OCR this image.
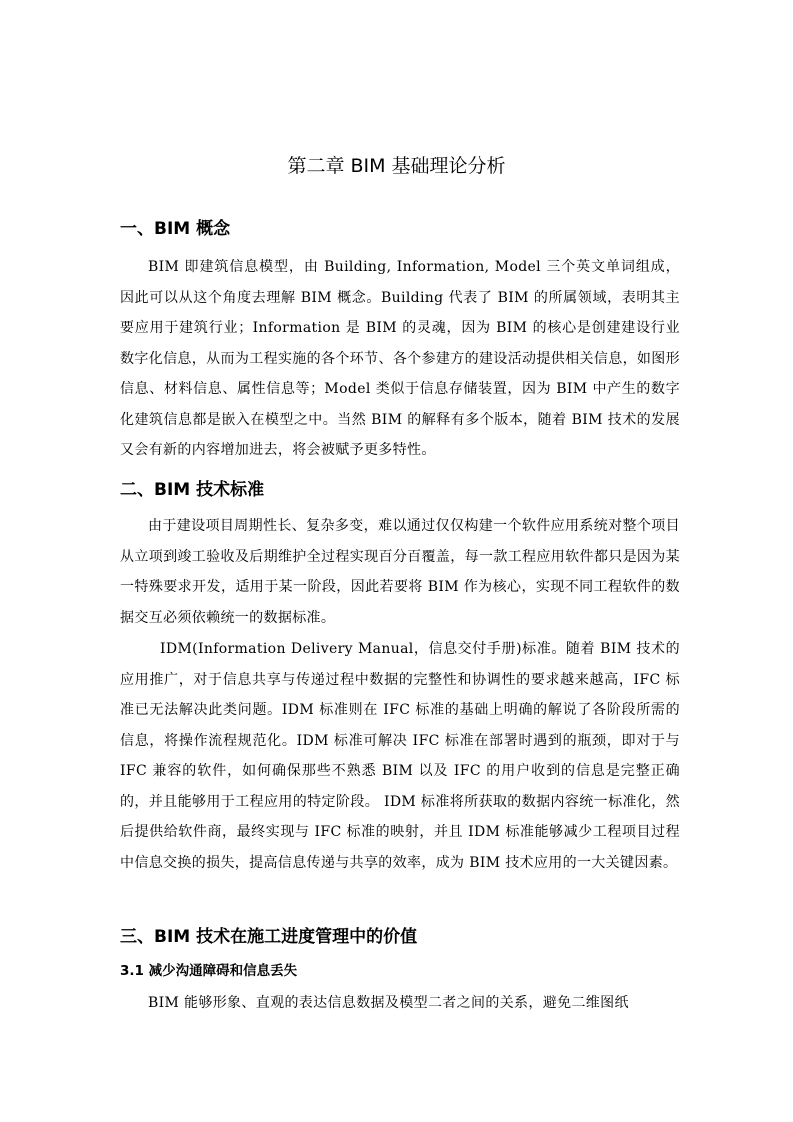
第二章 BIM 基础理论分析
一、BIM 概念

BIM 即建筑信息模型，由 Building, Information, Model 三个英文单词组成，因此可以从这个角度去理解 BIM 概念。Building 代表了 BIM 的所属领域，表明其主要应用于建筑行业；Information 是 BIM 的灵魂，因为 BIM 的核心是创建建设行业数字化信息，从而为工程实施的各个环节、各个参建方的建设活动提供相关信息，如图形信息、材料信息、属性信息等；Model 类似于信息存储装置，因为 BIM 中产生的数字化建筑信息都是嵌入在模型之中。当然 BIM 的解释有多个版本，随着 BIM 技术的发展又会有新的内容增加进去，将会被赋予更多特性。

二、BIM 技术标准

由于建设项目周期性长、复杂多变，难以通过仅仅构建一个软件应用系统对整个项目从立项到竣工验收及后期维护全过程实现百分百覆盖，每一款工程应用软件都只是因为某一特殊要求开发，适用于某一阶段，因此若要将 BIM 作为核心，实现不同工程软件的数据交互必须依赖统一的数据标准。

IDM(Information Delivery Manual，信息交付手册)标准。随着 BIM 技术的应用推广，对于信息共享与传递过程中数据的完整性和协调性的要求越来越高，IFC 标准已无法解决此类问题。IDM 标准则在 IFC 标准的基础上明确的解说了各阶段所需的信息，将操作流程规范化。IDM 标准可解决 IFC 标准在部署时遇到的瓶颈，即对于与 IFC 兼容的软件，如何确保那些不熟悉 BIM 以及 IFC 的用户收到的信息是完整正确的，并且能够用于工程应用的特定阶段。 IDM 标准将所获取的数据内容统一标准化，然后提供给软件商，最终实现与 IFC 标准的映射，并且 IDM 标准能够减少工程项目过程中信息交换的损失，提高信息传递与共享的效率，成为 BIM 技术应用的一大关键因素。

三、BIM 技术在施工进度管理中的价值
3.1 减少沟通障碍和信息丢失

BIM 能够形象、直观的表达信息数据及模型二者之间的关系，避免二维图纸
